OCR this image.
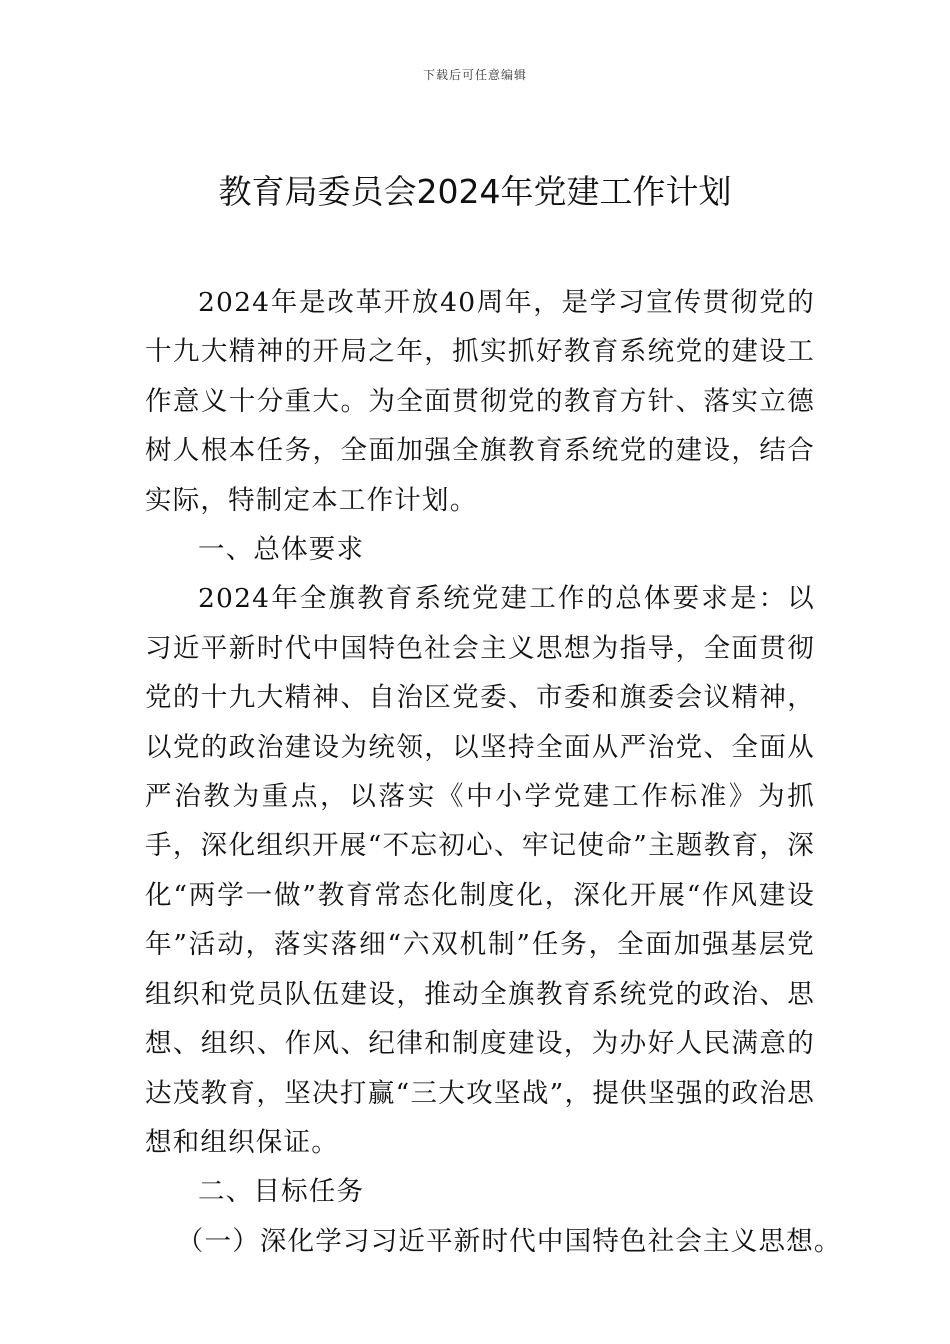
下载后可任意编辑
教育局委员会2024年党建工作计划

2024年是改革开放40周年，是学习宣传贯彻党的十九大精神的开局之年，抓实抓好教育系统党的建设工作意义十分重大。为全面贯彻党的教育方针、落实立德树人根本任务，全面加强全旗教育系统党的建设，结合实际，特制定本工作计划。

一、总体要求

2024年全旗教育系统党建工作的总体要求是：以习近平新时代中国特色社会主义思想为指导，全面贯彻党的十九大精神、自治区党委、市委和旗委会议精神，以党的政治建设为统领，以坚持全面从严治党、全面从严治教为重点，以落实《中小学党建工作标准》为抓手，深化组织开展“不忘初心、牢记使命”主题教育，深化“两学一做”教育常态化制度化，深化开展“作风建设年”活动，落实落细“六双机制”任务，全面加强基层党组织和党员队伍建设，推动全旗教育系统党的政治、思想、组织、作风、纪律和制度建设，为办好人民满意的达茂教育，坚决打赢“三大攻坚战”，提供坚强的政治思想和组织保证。

二、目标任务

（一）深化学习习近平新时代中国特色社会主义思想。
